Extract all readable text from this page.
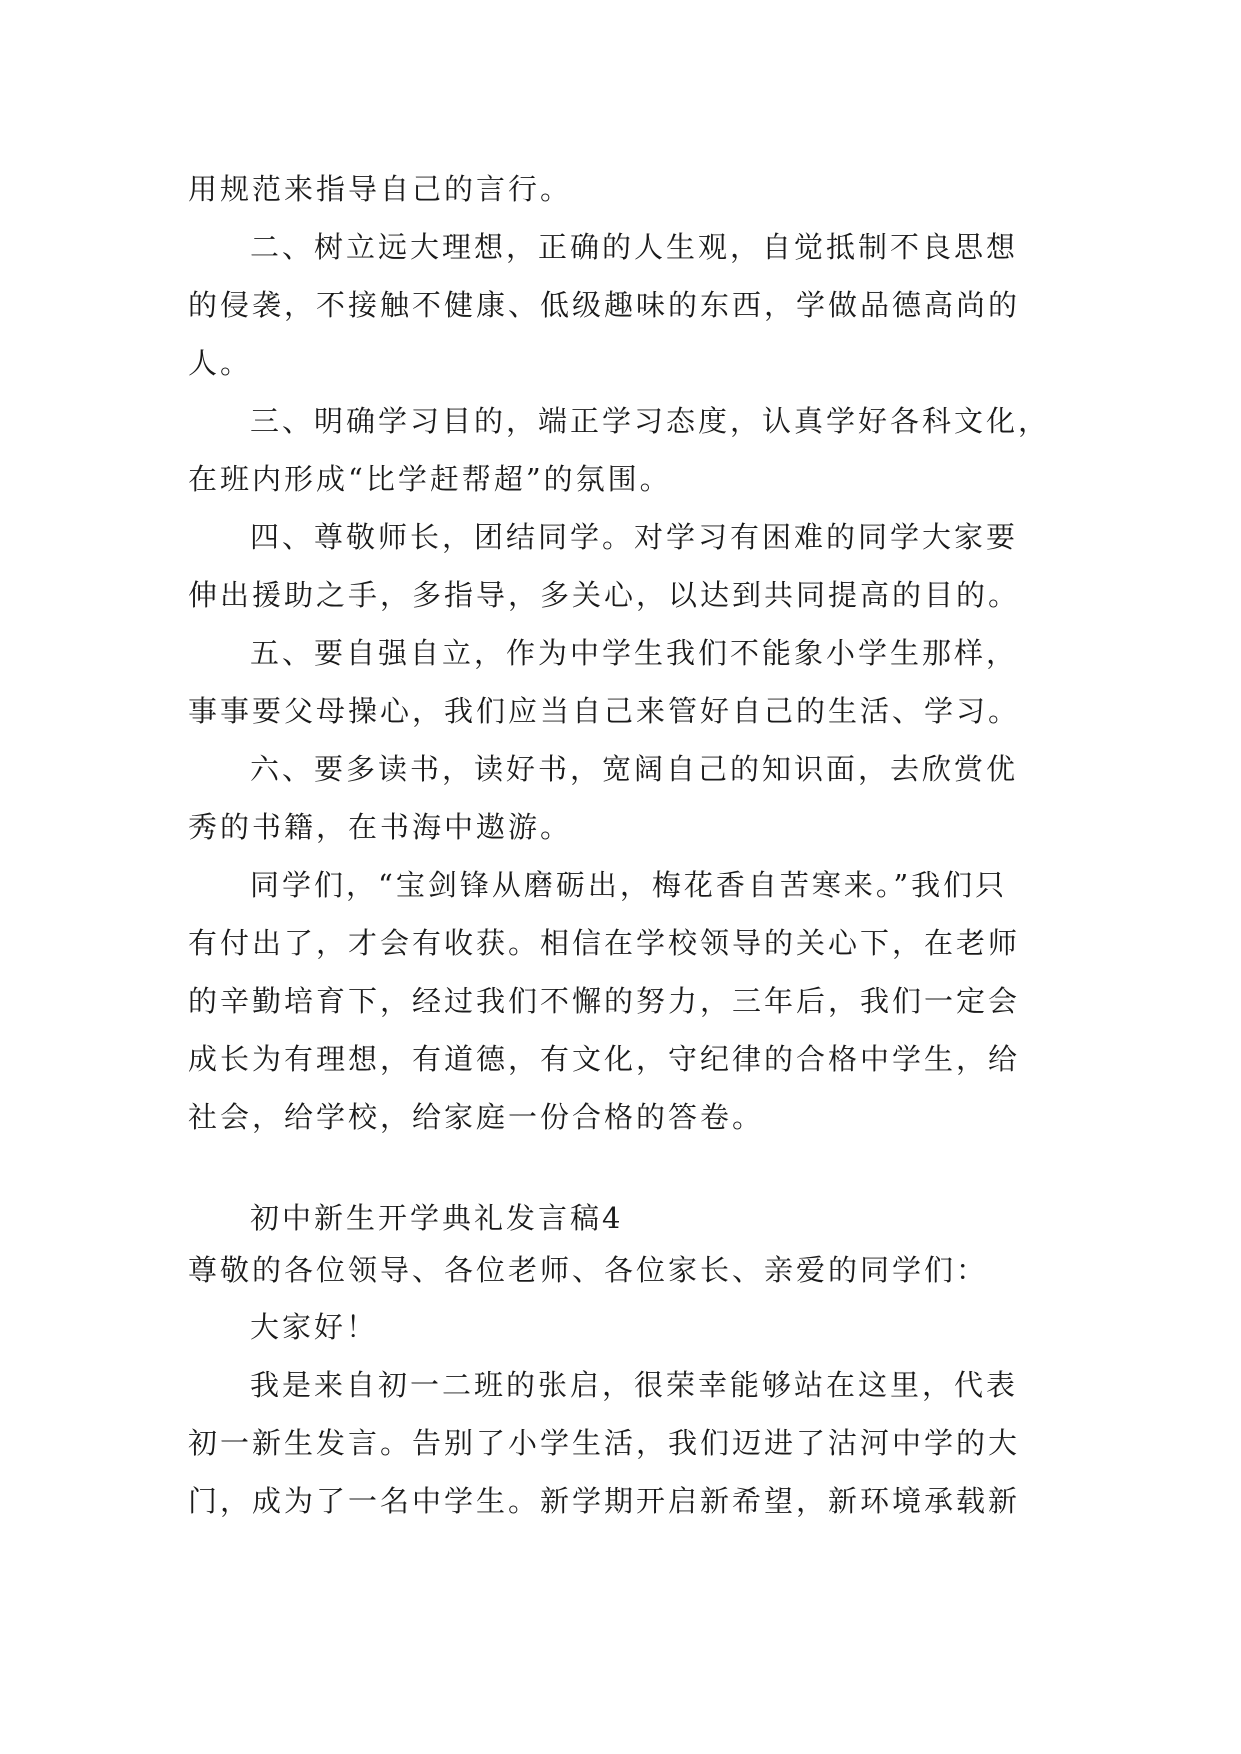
用规范来指导自己的言行。
二、树立远大理想，正确的人生观，自觉抵制不良思想
的侵袭，不接触不健康、低级趣味的东西，学做品德高尚的
人。
三、明确学习目的，端正学习态度，认真学好各科文化，
在班内形成“比学赶帮超”的氛围。
四、尊敬师长，团结同学。对学习有困难的同学大家要
伸出援助之手，多指导，多关心，以达到共同提高的目的。
五、要自强自立，作为中学生我们不能象小学生那样，
事事要父母操心，我们应当自己来管好自己的生活、学习。
六、要多读书，读好书，宽阔自己的知识面，去欣赏优
秀的书籍，在书海中遨游。
同学们，“宝剑锋从磨砺出，梅花香自苦寒来。”我们只
有付出了，才会有收获。相信在学校领导的关心下，在老师
的辛勤培育下，经过我们不懈的努力，三年后，我们一定会
成长为有理想，有道德，有文化，守纪律的合格中学生，给
社会，给学校，给家庭一份合格的答卷。
初中新生开学典礼发言稿4
尊敬的各位领导、各位老师、各位家长、亲爱的同学们：
大家好！
我是来自初一二班的张启，很荣幸能够站在这里，代表
初一新生发言。告别了小学生活，我们迈进了沽河中学的大
门，成为了一名中学生。新学期开启新希望，新环境承载新
